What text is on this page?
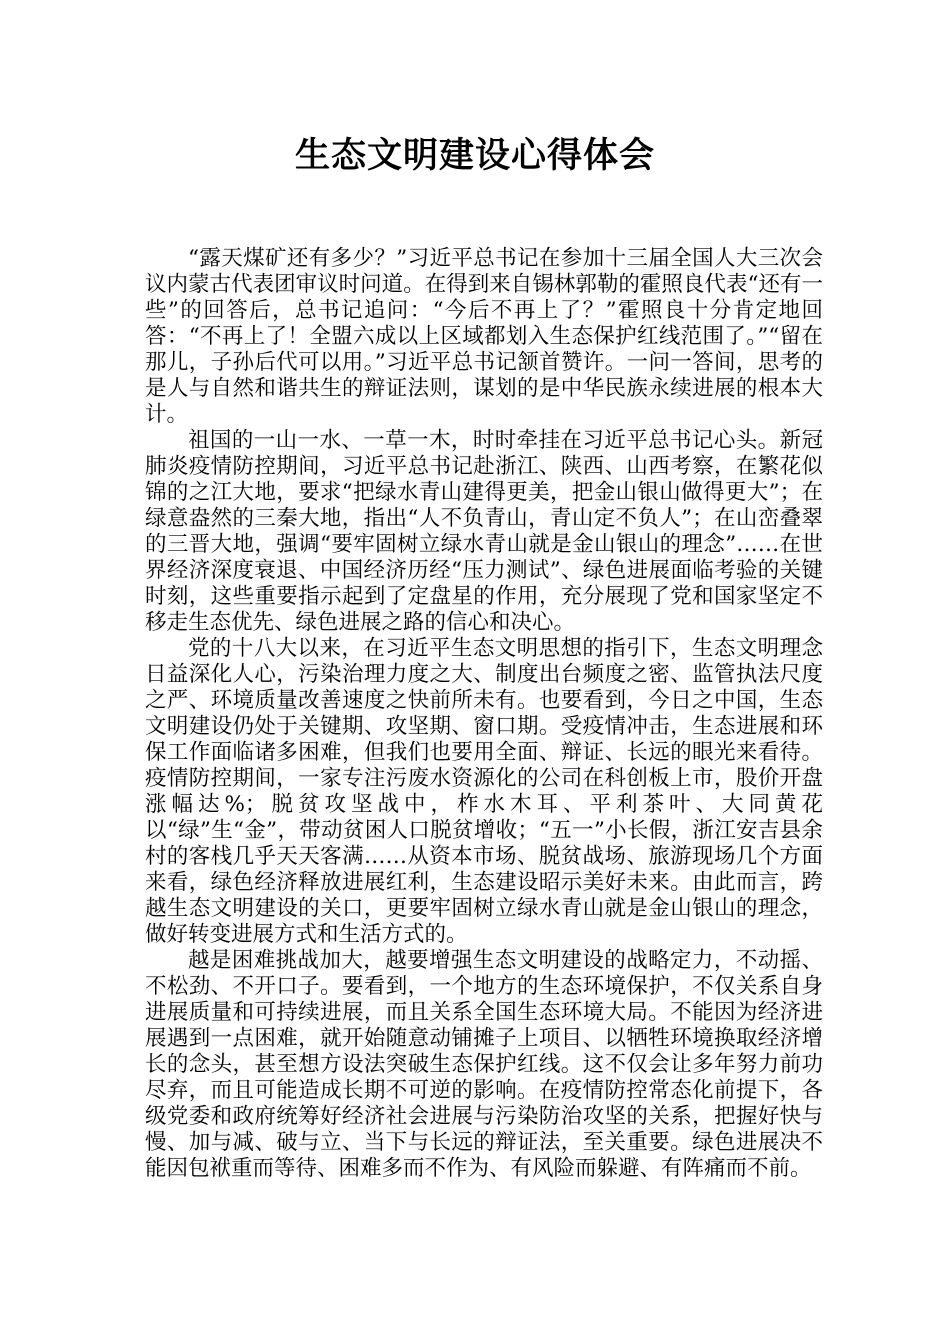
生态文明建设心得体会

“露天煤矿还有多少？”习近平总书记在参加十三届全国人大三次会议内蒙古代表团审议时问道。在得到来自锡林郭勒的霍照良代表“还有一些”的回答后，总书记追问：“今后不再上了？”霍照良十分肯定地回答：“不再上了！全盟六成以上区域都划入生态保护红线范围了。”“留在那儿，子孙后代可以用。”习近平总书记颔首赞许。一问一答间，思考的是人与自然和谐共生的辩证法则，谋划的是中华民族永续进展的根本大计。

祖国的一山一水、一草一木，时时牵挂在习近平总书记心头。新冠肺炎疫情防控期间，习近平总书记赴浙江、陕西、山西考察，在繁花似锦的之江大地，要求“把绿水青山建得更美，把金山银山做得更大”；在绿意盎然的三秦大地，指出“人不负青山，青山定不负人”；在山峦叠翠的三晋大地，强调“要牢固树立绿水青山就是金山银山的理念”……在世界经济深度衰退、中国经济历经“压力测试”、绿色进展面临考验的关键时刻，这些重要指示起到了定盘星的作用，充分展现了党和国家坚定不移走生态优先、绿色进展之路的信心和决心。

党的十八大以来，在习近平生态文明思想的指引下，生态文明理念日益深化人心，污染治理力度之大、制度出台频度之密、监管执法尺度之严、环境质量改善速度之快前所未有。也要看到，今日之中国，生态文明建设仍处于关键期、攻坚期、窗口期。受疫情冲击，生态进展和环保工作面临诸多困难，但我们也要用全面、辩证、长远的眼光来看待。疫情防控期间，一家专注污废水资源化的公司在科创板上市，股价开盘涨幅达%；脱贫攻坚战中，柞水木耳、平利茶叶、大同黄花以“绿”生“金”，带动贫困人口脱贫增收；“五一”小长假，浙江安吉县余村的客栈几乎天天客满……从资本市场、脱贫战场、旅游现场几个方面来看，绿色经济释放进展红利，生态建设昭示美好未来。由此而言，跨越生态文明建设的关口，更要牢固树立绿水青山就是金山银山的理念，做好转变进展方式和生活方式的。

越是困难挑战加大，越要增强生态文明建设的战略定力，不动摇、不松劲、不开口子。要看到，一个地方的生态环境保护，不仅关系自身进展质量和可持续进展，而且关系全国生态环境大局。不能因为经济进展遇到一点困难，就开始随意动铺摊子上项目、以牺牲环境换取经济增长的念头，甚至想方设法突破生态保护红线。这不仅会让多年努力前功尽弃，而且可能造成长期不可逆的影响。在疫情防控常态化前提下，各级党委和政府统筹好经济社会进展与污染防治攻坚的关系，把握好快与慢、加与减、破与立、当下与长远的辩证法，至关重要。绿色进展决不能因包袱重而等待、困难多而不作为、有风险而躲避、有阵痛而不前。
